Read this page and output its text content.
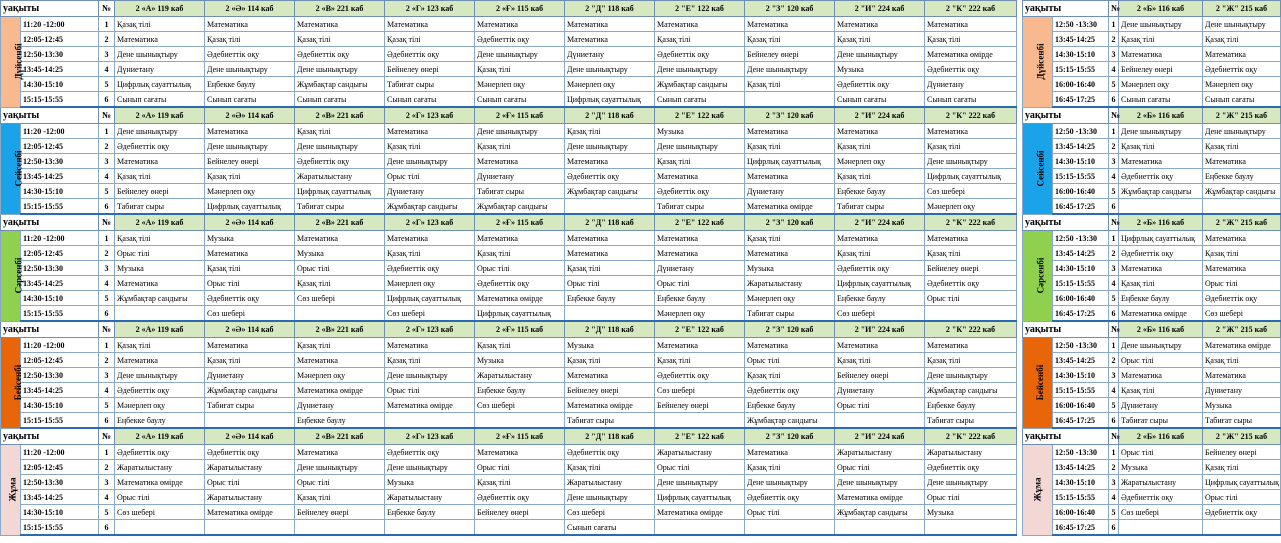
уақыты		№	2 «А» 119 каб	2 «Ә» 114 каб	2 «В» 221 каб	2 «Г» 123 каб	2 «Ғ» 115 каб	2 "Д" 118 каб	2 "Е" 122 каб	2 "З" 120 каб	2 "И" 224 каб	2 "К" 222 каб
Дүйсенбі	11:20 -12:00	1	Қазақ тілі	Математика	Математика	Математика	Математика	Математика	Математика	Математика	Математика	Математика
	12:05-12:45	2	Математика	Қазақ тілі	Қазақ тілі	Қазақ тілі	Әдебиеттік оқу	Математика	Қазақ тілі	Қазақ тілі	Қазақ тілі	Қазақ тілі
	12:50-13:30	3	Дене шынықтыру	Әдебиеттік оқу	Әдебиеттік оқу	Әдебиеттік оқу	Дене шынықтыру	Дүниетану	Әдебиеттік оқу	Бейнелеу өнері	Дене шынықтыру	Математика өмірде
	13:45-14:25	4	Дүниетану	Дене шынықтыру	Дене шынықтыру	Бейнелеу өнері	Қазақ тілі	Дене шынықтыру	Дене шынықтыру	Дене шынықтыру	Музыка	Әдебиеттік оқу
	14:30-15:10	5	Цифрлық сауаттылық	Еңбекке баулу	Жұмбақтар сандығы	Табиғат сыры	Мәнерлеп оқу	Мәнерлеп оқу	Жұмбақтар сандығы	Қазақ тілі	Әдебиеттік оқу	Дүниетану
	15:15-15:55	6	Сынып сағаты	Сынып сағаты	Сынып сағаты	Сынып сағаты	Сынып сағаты	Цифрлық сауаттылық	Сынып сағаты		Сынып сағаты	Сынып сағаты
уақыты		№	2 «А» 119 каб	2 «Ә» 114 каб	2 «В» 221 каб	2 «Г» 123 каб	2 «Ғ» 115 каб	2 "Д" 118 каб	2 "Е" 122 каб	2 "З" 120 каб	2 "И" 224 каб	2 "К" 222 каб
Сейсенбі	11:20 -12:00	1	Дене шынықтыру	Математика	Қазақ тілі	Математика	Дене шынықтыру	Қазақ тілі	Музыка	Математика	Математика	Математика
	12:05-12:45	2	Әдебиеттік оқу	Дене шынықтыру	Дене шынықтыру	Қазақ тілі	Қазақ тілі	Дене шынықтыру	Дене шынықтыру	Қазақ тілі	Қазақ тілі	Қазақ тілі
	12:50-13:30	3	Математика	Бейнелеу өнері	Әдебиеттік оқу	Дене шынықтыру	Математика	Математика	Қазақ тілі	Цифрлық сауаттылық	Мәнерлеп оқу	Дене шынықтыру
	13:45-14:25	4	Қазақ тілі	Қазақ тілі	Жаратылыстану	Орыс тілі	Дүниетану	Әдебиеттік оқу	Математика	Математика	Қазақ тілі	Цифрлық сауаттылық
	14:30-15:10	5	Бейнелеу өнері	Мәнерлеп оқу	Цифрлық сауаттылық	Дүниетану	Табиғат сыры	Жұмбақтар сандығы	Әдебиеттік оқу	Дүниетану	Еңбекке баулу	Сөз шебері
	15:15-15:55	6	Табиғат сыры	Цифрлық сауаттылық	Табиғат сыры	Жұмбақтар сандығы	Жұмбақтар сандығы		Табиғат сыры	Математика өмірде	Табиғат сыры	Мәнерлеп оқу
уақыты		№	2 «А» 119 каб	2 «Ә» 114 каб	2 «В» 221 каб	2 «Г» 123 каб	2 «Ғ» 115 каб	2 "Д" 118 каб	2 "Е" 122 каб	2 "З" 120 каб	2 "И" 224 каб	2 "К" 222 каб
Сәрсенбі	11:20 -12:00	1	Қазақ тілі	Музыка	Математика	Математика	Математика	Математика	Математика	Қазақ тілі	Математика	Математика
	12:05-12:45	2	Орыс тілі	Математика	Музыка	Қазақ тілі	Қазақ тілі	Математика	Математика	Математика	Қазақ тілі	Қазақ тілі
	12:50-13:30	3	Музыка	Қазақ тілі	Орыс тілі	Әдебиеттік оқу	Орыс тілі	Қазақ тілі	Дүниетану	Музыка	Әдебиеттік оқу	Бейнелеу өнері
	13:45-14:25	4	Математика	Орыс тілі	Қазақ тілі	Мәнерлеп оқу	Әдебиеттік оқу	Орыс тілі	Орыс тілі	Жаратылыстану	Цифрлық сауаттылық	Әдебиеттік оқу
	14:30-15:10	5	Жұмбақтар сандығы	Әдебиеттік оқу	Сөз шебері	Цифрлық сауаттылық	Математика өмірде	Еңбекке баулу	Еңбекке баулу	Мәнерлеп оқу	Еңбекке баулу	Орыс тілі
	15:15-15:55	6		Сөз шебері		Сөз шебері	Цифрлық сауаттылық		Мәнерлеп оқу	Табиғат сыры	Сөз шебері	
уақыты		№	2 «А» 119 каб	2 «Ә» 114 каб	2 «В» 221 каб	2 «Г» 123 каб	2 «Ғ» 115 каб	2 "Д" 118 каб	2 "Е" 122 каб	2 "З" 120 каб	2 "И" 224 каб	2 "К" 222 каб
Бейсенбі	11:20 -12:00	1	Қазақ тілі	Математика	Қазақ тілі	Математика	Қазақ тілі	Музыка	Математика	Математика	Математика	Математика
	12:05-12:45	2	Математика	Қазақ тілі	Математика	Қазақ тілі	Музыка	Қазақ тілі	Қазақ тілі	Орыс тілі	Қазақ тілі	Қазақ тілі
	12:50-13:30	3	Дене шынықтыру	Дүниетану	Мәнерлеп оқу	Дене шынықтыру	Жаратылыстану	Математика	Әдебиеттік оқу	Қазақ тілі	Бейнелеу өнері	Дене шынықтыру
	13:45-14:25	4	Әдебиеттік оқу	Жұмбақтар сандығы	Математика өмірде	Орыс тілі	Еңбекке баулу	Бейнелеу өнері	Сөз шебері	Әдебиеттік оқу	Дүниетану	Жұмбақтар сандығы
	14:30-15:10	5	Мәнерлеп оқу	Табиғат сыры	Дүниетану	Математика өмірде	Сөз шебері	Математика өмірде	Бейнелеу өнері	Еңбекке баулу	Орыс тілі	Еңбекке баулу
	15:15-15:55	6	Еңбекке баулу		Еңбекке баулу			Табиғат сыры		Жұмбақтар сандығы		Табиғат сыры
уақыты		№	2 «А» 119 каб	2 «Ә» 114 каб	2 «В» 221 каб	2 «Г» 123 каб	2 «Ғ» 115 каб	2 "Д" 118 каб	2 "Е" 122 каб	2 "З" 120 каб	2 "И" 224 каб	2 "К" 222 каб
Жұма	11:20 -12:00	1	Әдебиеттік оқу	Әдебиеттік оқу	Математика	Әдебиеттік оқу	Математика	Әдебиеттік оқу	Жаратылыстану	Математика	Жаратылыстану	Жаратылыстану
	12:05-12:45	2	Жаратылыстану	Жаратылыстану	Дене шынықтыру	Дене шынықтыру	Орыс тілі	Қазақ тілі	Орыс тілі	Қазақ тілі	Орыс тілі	Әдебиеттік оқу
	12:50-13:30	3	Математика өмірде	Орыс тілі	Орыс тілі	Музыка	Қазақ тілі	Жаратылыстану	Дене шынықтыру	Дене шынықтыру	Дене шынықтыру	Дене шынықтыру
	13:45-14:25	4	Орыс тілі	Жаратылыстану	Қазақ тілі	Жаратылыстану	Әдебиеттік оқу	Дене шынықтыру	Цифрлық сауаттылық	Әдебиеттік оқу	Математика өмірде	Орыс тілі
	14:30-15:10	5	Сөз шебері	Математика өмірде	Бейнелеу өнері	Еңбекке баулу	Бейнелеу өнері	Сөз шебері	Математика өмірде	Орыс тілі	Жұмбақтар сандығы	Музыка
	15:15-15:55	6						Сынып сағаты				
уақыты		№	2 «Б» 116 каб	2 "Ж" 215 каб
Дүйсенбі	12:50 -13:30	1	Дене шынықтыру	Дене шынықтыру
	13:45-14:25	2	Қазақ тілі	Қазақ тілі
	14:30-15:10	3	Математика	Математика
	15:15-15:55	4	Бейнелеу өнері	Әдебиеттік оқу
	16:00-16:40	5	Мәнерлеп оқу	Мәнерлеп оқу
	16:45-17:25	6	Сынып сағаты	Сынып сағаты
уақыты		№	2 «Б» 116 каб	2 "Ж" 215 каб
Сейсенбі	12:50 -13:30	1	Дене шынықтыру	Дене шынықтыру
	13:45-14:25	2	Қазақ тілі	Қазақ тілі
	14:30-15:10	3	Математика	Математика
	15:15-15:55	4	Әдебиеттік оқу	Еңбекке баулу
	16:00-16:40	5	Жұмбақтар сандығы	Жұмбақтар сандығы
	16:45-17:25	6		
уақыты		№	2 «Б» 116 каб	2 "Ж" 215 каб
Сәрсенбі	12:50 -13:30	1	Цифрлық сауаттылық	Математика
	13:45-14:25	2	Әдебиеттік оқу	Қазақ тілі
	14:30-15:10	3	Математика	Математика
	15:15-15:55	4	Қазақ тілі	Орыс тілі
	16:00-16:40	5	Еңбекке баулу	Әдебиеттік оқу
	16:45-17:25	6	Математика өмірде	Сөз шебері
уақыты		№	2 «Б» 116 каб	2 "Ж" 215 каб
Бейсенбі	12:50 -13:30	1	Дене шынықтыру	Математика өмірде
	13:45-14:25	2	Орыс тілі	Қазақ тілі
	14:30-15:10	3	Математика	Математика
	15:15-15:55	4	Қазақ тілі	Дүниетану
	16:00-16:40	5	Дүниетану	Музыка
	16:45-17:25	6	Табиғат сыры	Табиғат сыры
уақыты		№	2 «Б» 116 каб	2 "Ж" 215 каб
Жұма	12:50 -13:30	1	Орыс тілі	Бейнелеу өнері
	13:45-14:25	2	Музыка	Қазақ тілі
	14:30-15:10	3	Жаратылыстану	Цифрлық сауаттылық
	15:15-15:55	4	Әдебиеттік оқу	Орыс тілі
	16:00-16:40	5	Сөз шебері	Әдебиеттік оқу
	16:45-17:25	6		
